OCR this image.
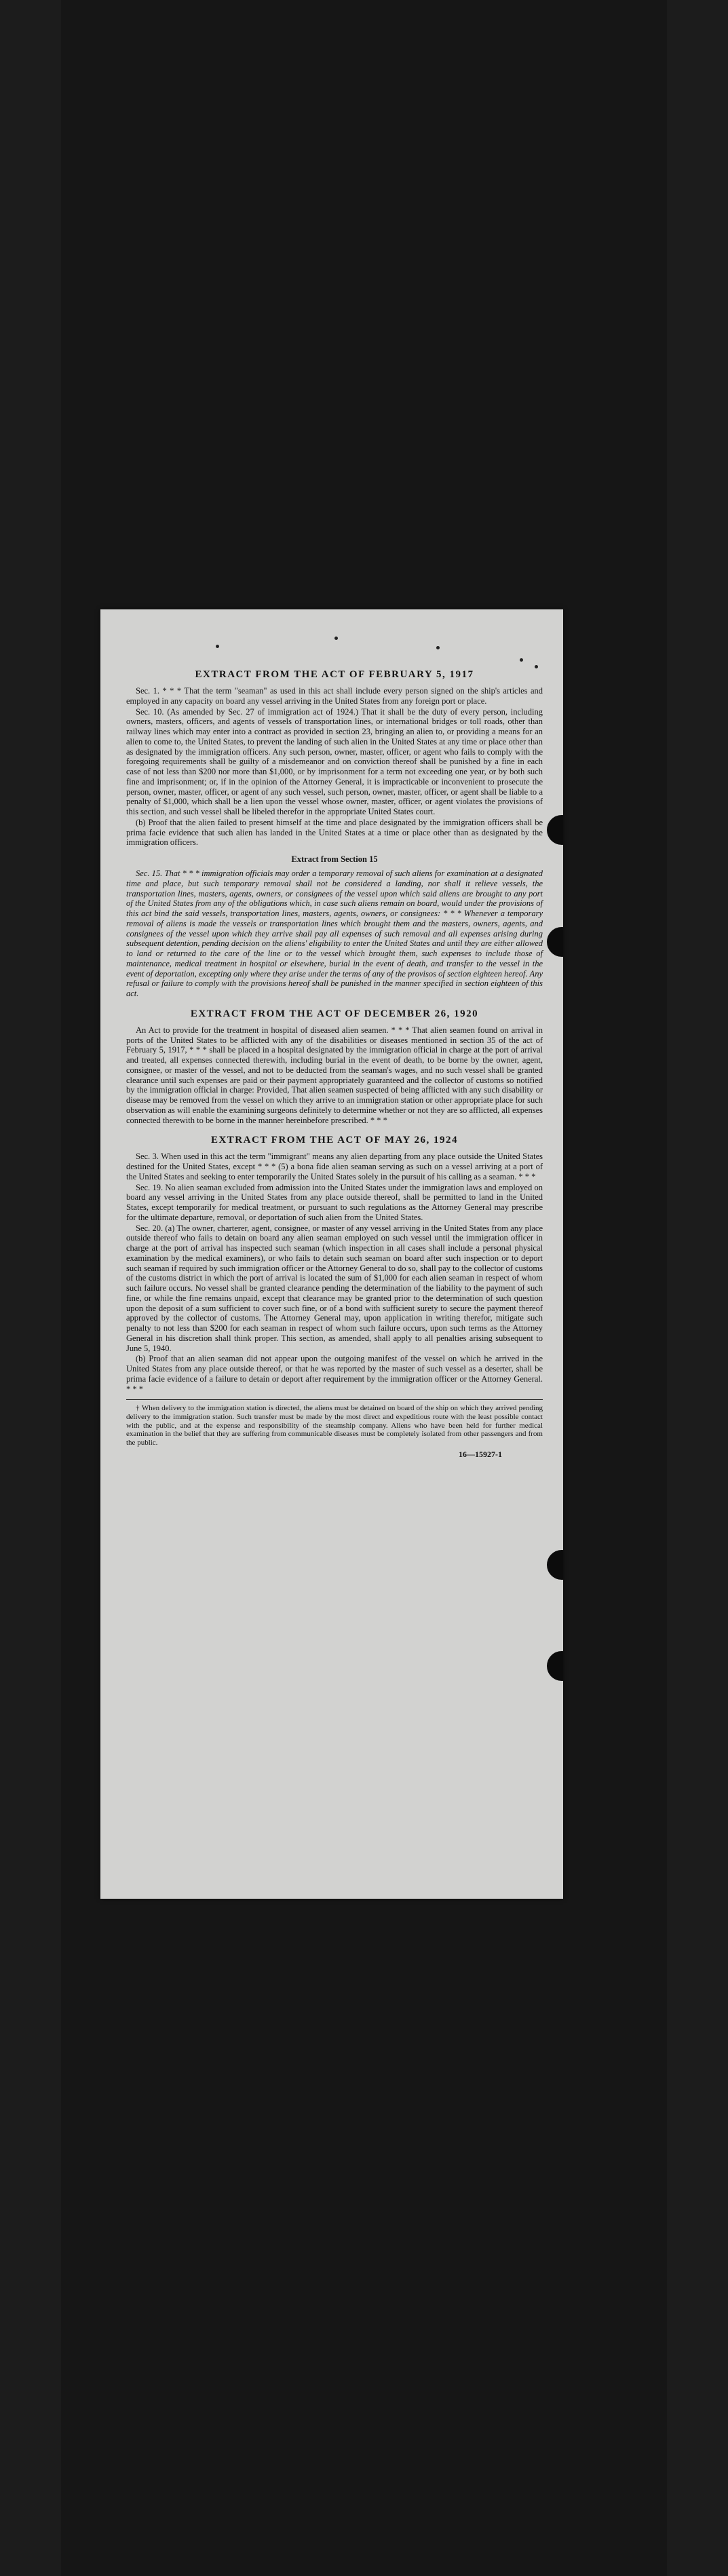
EXTRACT FROM THE ACT OF FEBRUARY 5, 1917

Sec. 1. * * * That the term "seaman" as used in this act shall include every person signed on the ship's articles and employed in any capacity on board any vessel arriving in the United States from any foreign port or place.

Sec. 10. (As amended by Sec. 27 of immigration act of 1924.) That it shall be the duty of every person, including owners, masters, officers, and agents of vessels of transportation lines, or international bridges or toll roads, other than railway lines which may enter into a contract as provided in section 23, bringing an alien to, or providing a means for an alien to come to, the United States, to prevent the landing of such alien in the United States at any time or place other than as designated by the immigration officers. Any such person, owner, master, officer, or agent who fails to comply with the foregoing requirements shall be guilty of a misdemeanor and on conviction thereof shall be punished by a fine in each case of not less than $200 nor more than $1,000, or by imprisonment for a term not exceeding one year, or by both such fine and imprisonment; or, if in the opinion of the Attorney General, it is impracticable or inconvenient to prosecute the person, owner, master, officer, or agent of any such vessel, such person, owner, master, officer, or agent shall be liable to a penalty of $1,000, which shall be a lien upon the vessel whose owner, master, officer, or agent violates the provisions of this section, and such vessel shall be libeled therefor in the appropriate United States court.

(b) Proof that the alien failed to present himself at the time and place designated by the immigration officers shall be prima facie evidence that such alien has landed in the United States at a time or place other than as designated by the immigration officers.

Extract from Section 15

Sec. 15. That * * * immigration officials may order a temporary removal of such aliens for examination at a designated time and place, but such temporary removal shall not be considered a landing, nor shall it relieve vessels, the transportation lines, masters, agents, owners, or consignees of the vessel upon which said aliens are brought to any port of the United States from any of the obligations which, in case such aliens remain on board, would under the provisions of this act bind the said vessels, transportation lines, masters, agents, owners, or consignees: * * * Whenever a temporary removal of aliens is made the vessels or transportation lines which brought them and the masters, owners, agents, and consignees of the vessel upon which they arrive shall pay all expenses of such removal and all expenses arising during subsequent detention, pending decision on the aliens' eligibility to enter the United States and until they are either allowed to land or returned to the care of the line or to the vessel which brought them, such expenses to include those of maintenance, medical treatment in hospital or elsewhere, burial in the event of death, and transfer to the vessel in the event of deportation, excepting only where they arise under the terms of any of the provisos of section eighteen hereof. Any refusal or failure to comply with the provisions hereof shall be punished in the manner specified in section eighteen of this act.

EXTRACT FROM THE ACT OF DECEMBER 26, 1920

An Act to provide for the treatment in hospital of diseased alien seamen. * * * That alien seamen found on arrival in ports of the United States to be afflicted with any of the disabilities or diseases mentioned in section 35 of the act of February 5, 1917, * * * shall be placed in a hospital designated by the immigration official in charge at the port of arrival and treated, all expenses connected therewith, including burial in the event of death, to be borne by the owner, agent, consignee, or master of the vessel, and not to be deducted from the seaman's wages, and no such vessel shall be granted clearance until such expenses are paid or their payment appropriately guaranteed and the collector of customs so notified by the immigration official in charge: Provided, That alien seamen suspected of being afflicted with any such disability or disease may be removed from the vessel on which they arrive to an immigration station or other appropriate place for such observation as will enable the examining surgeons definitely to determine whether or not they are so afflicted, all expenses connected therewith to be borne in the manner hereinbefore prescribed. * * *

EXTRACT FROM THE ACT OF MAY 26, 1924

Sec. 3. When used in this act the term "immigrant" means any alien departing from any place outside the United States destined for the United States, except * * * (5) a bona fide alien seaman serving as such on a vessel arriving at a port of the United States and seeking to enter temporarily the United States solely in the pursuit of his calling as a seaman. * * *

Sec. 19. No alien seaman excluded from admission into the United States under the immigration laws and employed on board any vessel arriving in the United States from any place outside thereof, shall be permitted to land in the United States, except temporarily for medical treatment, or pursuant to such regulations as the Attorney General may prescribe for the ultimate departure, removal, or deportation of such alien from the United States.

Sec. 20. (a) The owner, charterer, agent, consignee, or master of any vessel arriving in the United States from any place outside thereof who fails to detain on board any alien seaman employed on such vessel until the immigration officer in charge at the port of arrival has inspected such seaman (which inspection in all cases shall include a personal physical examination by the medical examiners), or who fails to detain such seaman on board after such inspection or to deport such seaman if required by such immigration officer or the Attorney General to do so, shall pay to the collector of customs of the customs district in which the port of arrival is located the sum of $1,000 for each alien seaman in respect of whom such failure occurs. No vessel shall be granted clearance pending the determination of the liability to the payment of such fine, or while the fine remains unpaid, except that clearance may be granted prior to the determination of such question upon the deposit of a sum sufficient to cover such fine, or of a bond with sufficient surety to secure the payment thereof approved by the collector of customs. The Attorney General may, upon application in writing therefor, mitigate such penalty to not less than $200 for each seaman in respect of whom such failure occurs, upon such terms as the Attorney General in his discretion shall think proper. This section, as amended, shall apply to all penalties arising subsequent to June 5, 1940.

(b) Proof that an alien seaman did not appear upon the outgoing manifest of the vessel on which he arrived in the United States from any place outside thereof, or that he was reported by the master of such vessel as a deserter, shall be prima facie evidence of a failure to detain or deport after requirement by the immigration officer or the Attorney General. * * *

† When delivery to the immigration station is directed, the aliens must be detained on board of the ship on which they arrived pending delivery to the immigration station. Such transfer must be made by the most direct and expeditious route with the least possible contact with the public, and at the expense and responsibility of the steamship company. Aliens who have been held for further medical examination in the belief that they are suffering from communicable diseases must be completely isolated from other passengers and from the public.

16—15927-1
